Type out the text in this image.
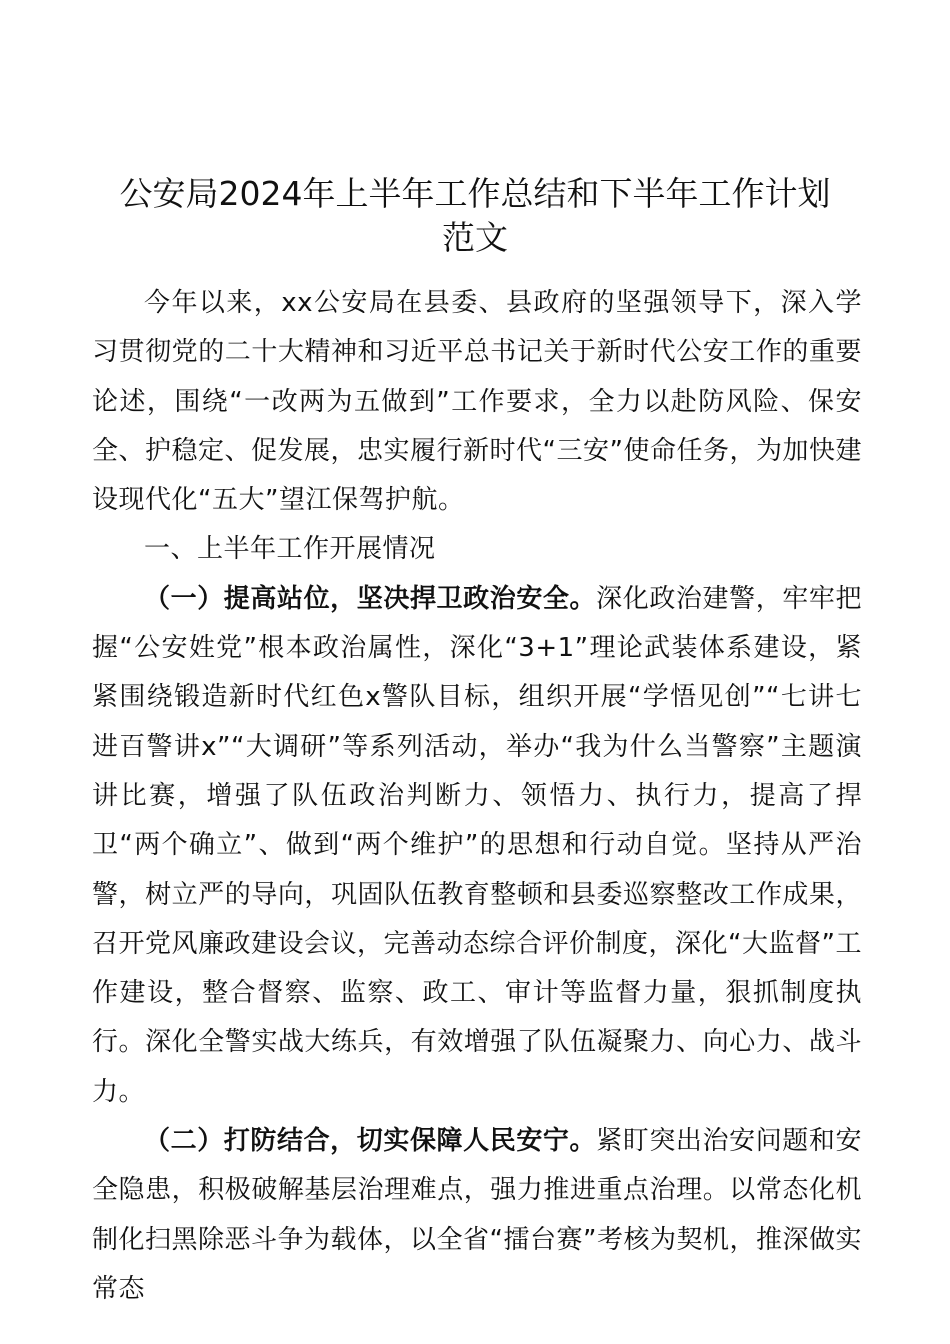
公安局2024年上半年工作总结和下半年工作计划
范文

今年以来，xx公安局在县委、县政府的坚强领导下，深入学习贯彻党的二十大精神和习近平总书记关于新时代公安工作的重要论述，围绕“一改两为五做到”工作要求，全力以赴防风险、保安全、护稳定、促发展，忠实履行新时代“三安”使命任务，为加快建设现代化“五大”望江保驾护航。

一、上半年工作开展情况

（一）提高站位，坚决捍卫政治安全。深化政治建警，牢牢把握“公安姓党”根本政治属性，深化“3+1”理论武装体系建设，紧紧围绕锻造新时代红色x警队目标，组织开展“学悟见创”“七讲七进百警讲x”“大调研”等系列活动，举办“我为什么当警察”主题演讲比赛，增强了队伍政治判断力、领悟力、执行力，提高了捍卫“两个确立”、做到“两个维护”的思想和行动自觉。坚持从严治警，树立严的导向，巩固队伍教育整顿和县委巡察整改工作成果，召开党风廉政建设会议，完善动态综合评价制度，深化“大监督”工作建设，整合督察、监察、政工、审计等监督力量，狠抓制度执行。深化全警实战大练兵，有效增强了队伍凝聚力、向心力、战斗力。

（二）打防结合，切实保障人民安宁。紧盯突出治安问题和安全隐患，积极破解基层治理难点，强力推进重点治理。以常态化机制化扫黑除恶斗争为载体，以全省“擂台赛”考核为契机，推深做实常态
